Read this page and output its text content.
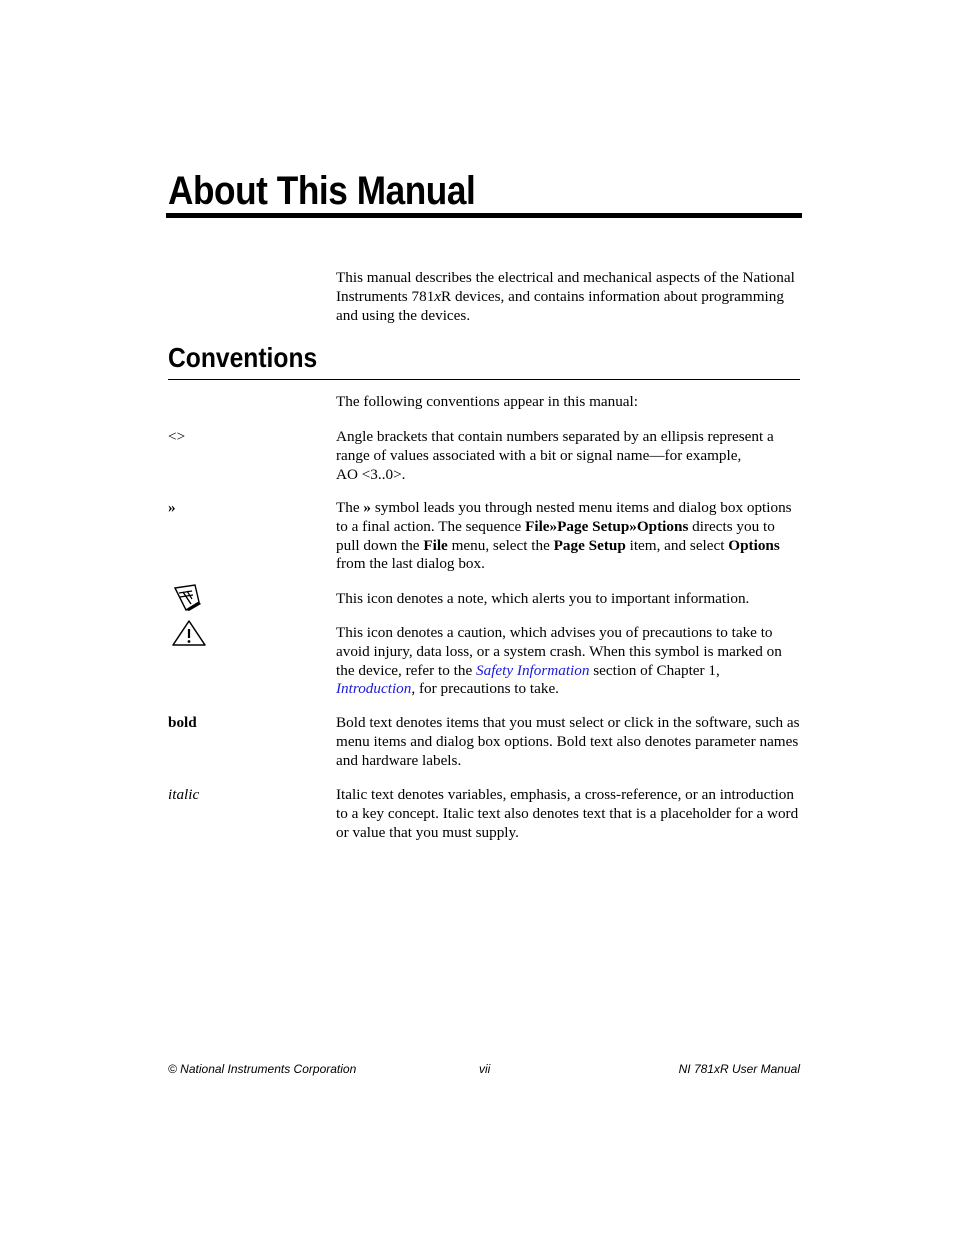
About This Manual

This manual describes the electrical and mechanical aspects of the National Instruments 781xR devices, and contains information about programming and using the devices.

Conventions

The following conventions appear in this manual:

<>	Angle brackets that contain numbers separated by an ellipsis represent a range of values associated with a bit or signal name—for example,
AO <3..0>.

»	The » symbol leads you through nested menu items and dialog box options to a final action. The sequence File»Page Setup»Options directs you to pull down the File menu, select the Page Setup item, and select Options from the last dialog box.

This icon denotes a note, which alerts you to important information.

This icon denotes a caution, which advises you of precautions to take to avoid injury, data loss, or a system crash. When this symbol is marked on the device, refer to the Safety Information section of Chapter 1, Introduction, for precautions to take.

bold	Bold text denotes items that you must select or click in the software, such as menu items and dialog box options. Bold text also denotes parameter names and hardware labels.

italic	Italic text denotes variables, emphasis, a cross-reference, or an introduction to a key concept. Italic text also denotes text that is a placeholder for a word or value that you must supply.

© National Instruments Corporation	vii	NI 781xR User Manual
